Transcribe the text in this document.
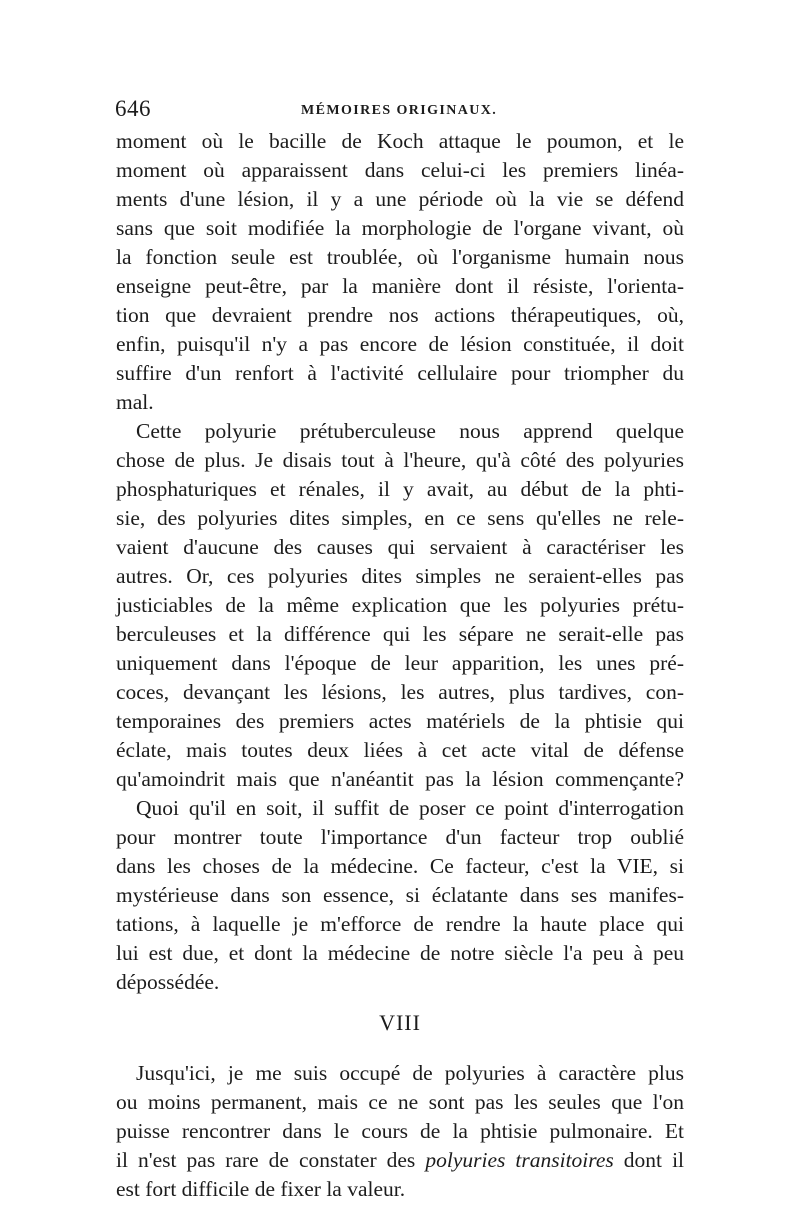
646	MÉMOIRES ORIGINAUX.
moment où le bacille de Koch attaque le poumon, et le
moment où apparaissent dans celui-ci les premiers linéa-
ments d'une lésion, il y a une période où la vie se défend
sans que soit modifiée la morphologie de l'organe vivant, où
la fonction seule est troublée, où l'organisme humain nous
enseigne peut-être, par la manière dont il résiste, l'orienta-
tion que devraient prendre nos actions thérapeutiques, où,
enfin, puisqu'il n'y a pas encore de lésion constituée, il doit
suffire d'un renfort à l'activité cellulaire pour triompher du
mal.
Cette polyurie prétuberculeuse nous apprend quelque
chose de plus. Je disais tout à l'heure, qu'à côté des polyuries
phosphaturiques et rénales, il y avait, au début de la phti-
sie, des polyuries dites simples, en ce sens qu'elles ne rele-
vaient d'aucune des causes qui servaient à caractériser les
autres. Or, ces polyuries dites simples ne seraient-elles pas
justiciables de la même explication que les polyuries prétu-
berculeuses et la différence qui les sépare ne serait-elle pas
uniquement dans l'époque de leur apparition, les unes pré-
coces, devançant les lésions, les autres, plus tardives, con-
temporaines des premiers actes matériels de la phtisie qui
éclate, mais toutes deux liées à cet acte vital de défense
qu'amoindrit mais que n'anéantit pas la lésion commençante?
Quoi qu'il en soit, il suffit de poser ce point d'interrogation
pour montrer toute l'importance d'un facteur trop oublié
dans les choses de la médecine. Ce facteur, c'est la VIE, si
mystérieuse dans son essence, si éclatante dans ses manifes-
tations, à laquelle je m'efforce de rendre la haute place qui
lui est due, et dont la médecine de notre siècle l'a peu à peu
dépossédée.
VIII
Jusqu'ici, je me suis occupé de polyuries à caractère plus
ou moins permanent, mais ce ne sont pas les seules que l'on
puisse rencontrer dans le cours de la phtisie pulmonaire. Et
il n'est pas rare de constater des polyuries transitoires dont il
est fort difficile de fixer la valeur.
